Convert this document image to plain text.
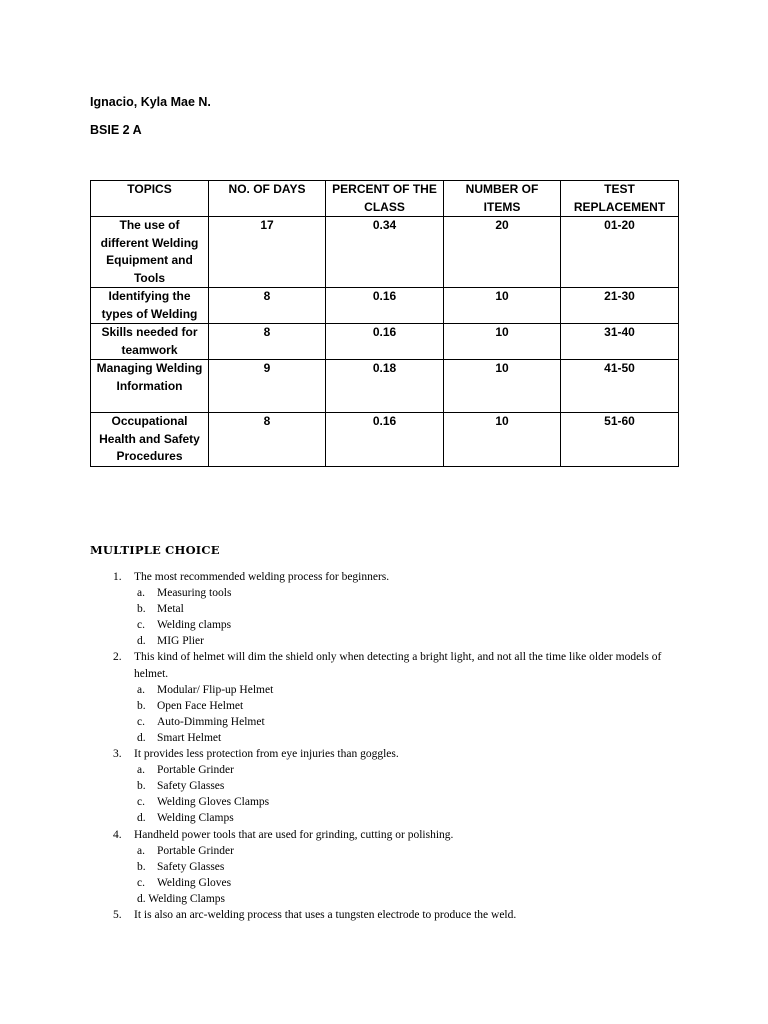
Ignacio, Kyla Mae N.
BSIE 2 A
TOPICS	NO. OF DAYS	PERCENT OF THE CLASS	NUMBER OF ITEMS	TEST REPLACEMENT
The use of different Welding Equipment and Tools	17	0.34	20	01-20
Identifying the types of Welding	8	0.16	10	21-30
Skills needed for teamwork	8	0.16	10	31-40
Managing Welding Information	9	0.18	10	41-50
Occupational Health and Safety Procedures	8	0.16	10	51-60
MULTIPLE CHOICE
1. The most recommended welding process for beginners.
a. Measuring tools
b. Metal
c. Welding clamps
d. MIG Plier
2. This kind of helmet will dim the shield only when detecting a bright light, and not all the time like older models of helmet.
a. Modular/ Flip-up Helmet
b. Open Face Helmet
c. Auto-Dimming Helmet
d. Smart Helmet
3. It provides less protection from eye injuries than goggles.
a. Portable Grinder
b. Safety Glasses
c. Welding Gloves Clamps
d. Welding Clamps
4. Handheld power tools that are used for grinding, cutting or polishing.
a. Portable Grinder
b. Safety Glasses
c. Welding Gloves
d. Welding Clamps
5. It is also an arc-welding process that uses a tungsten electrode to produce the weld.
